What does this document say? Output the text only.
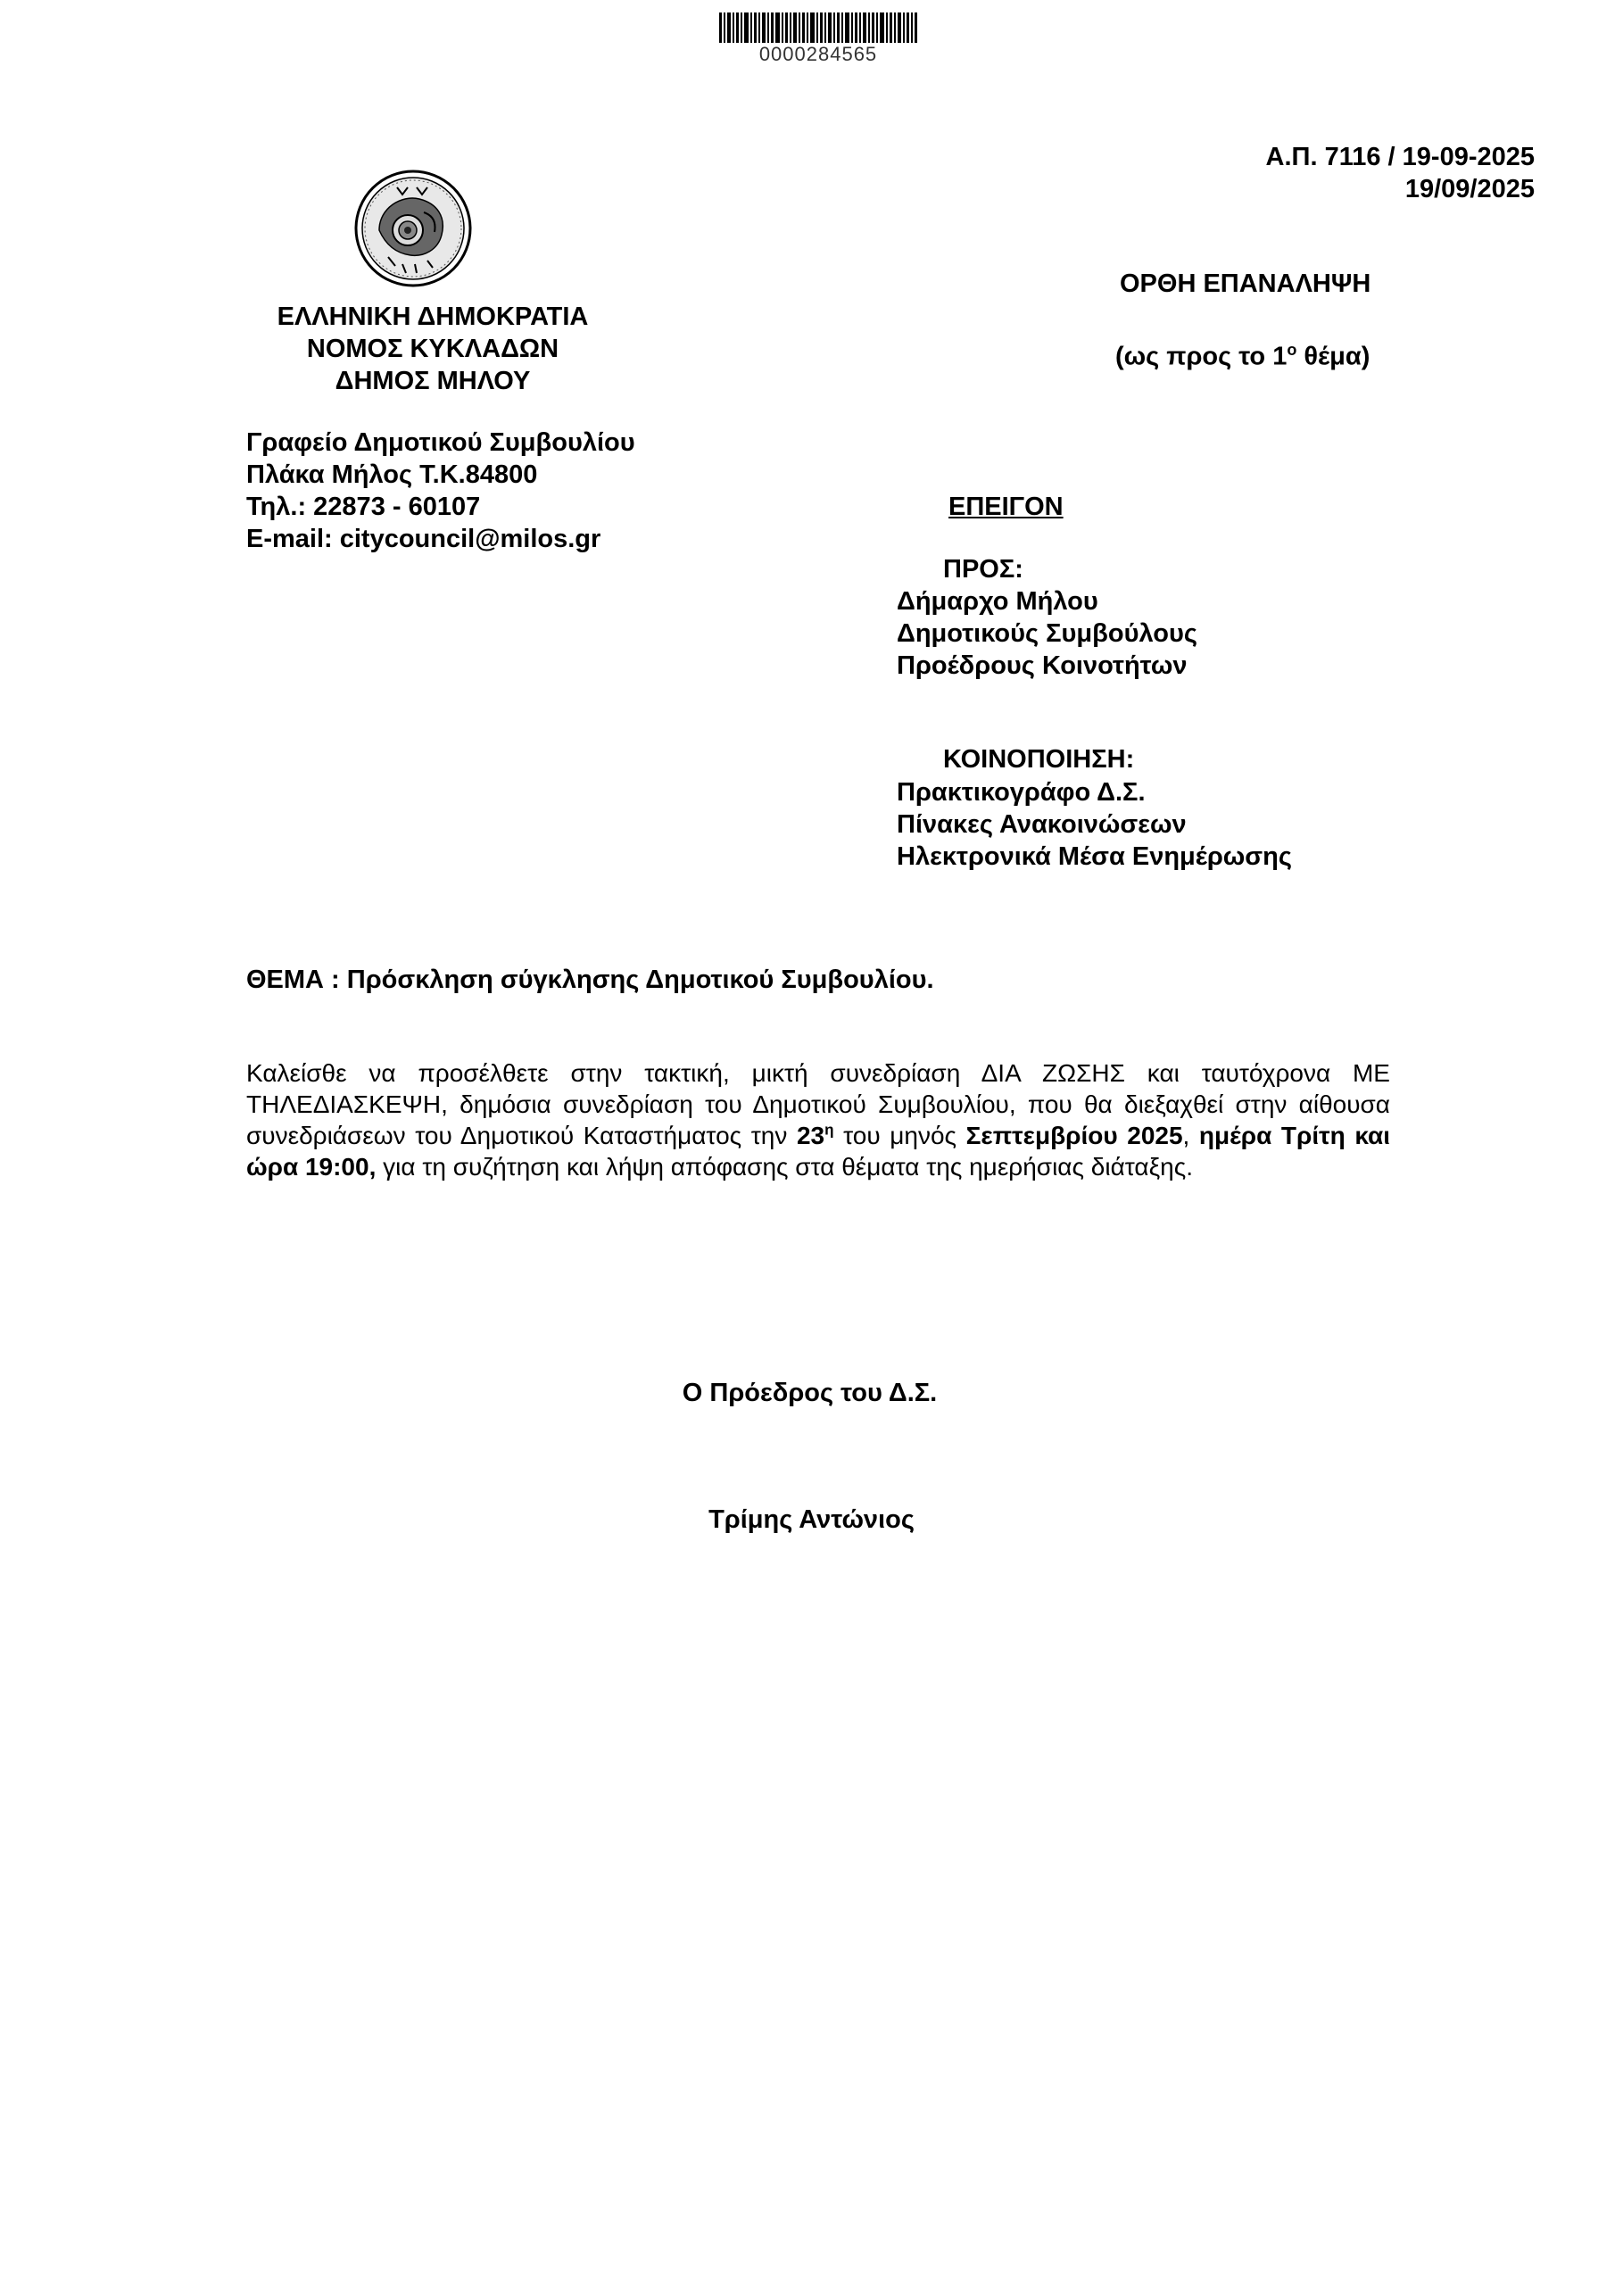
0000284565
Α.Π. 7116 / 19-09-2025
19/09/2025
ΕΛΛΗΝΙΚΗ ΔΗΜΟΚΡΑΤΙΑ
ΝΟΜΟΣ ΚΥΚΛΑΔΩΝ
ΔΗΜΟΣ ΜΗΛΟΥ
ΟΡΘΗ ΕΠΑΝΑΛΗΨΗ
(ως προς το $1^o$ θέμα)
Γραφείο Δημοτικού Συμβουλίου
Πλάκα Μήλος Τ.Κ.84800
Τηλ.: 22873 - 60107
E-mail: citycouncil@milos.gr
ΕΠΕΙΓΟΝ
ΠΡΟΣ:
Δήμαρχο Μήλου
Δημοτικούς Συμβούλους
Προέδρους Κοινοτήτων
ΚΟΙΝΟΠΟΙΗΣΗ:
Πρακτικογράφο Δ.Σ.
Πίνακες Ανακοινώσεων
Ηλεκτρονικά Μέσα Ενημέρωσης
ΘΕΜΑ : Πρόσκληση σύγκλησης Δημοτικού Συμβουλίου.
Καλείσθε να προσέλθετε στην τακτική, μικτή συνεδρίαση ΔΙΑ ΖΩΣΗΣ και ταυτόχρονα ΜΕ ΤΗΛΕΔΙΑΣΚΕΨΗ, δημόσια συνεδρίαση του Δημοτικού Συμβουλίου, που θα διεξαχθεί στην αίθουσα συνεδριάσεων του Δημοτικού Καταστήματος την $23^\eta$ του μηνός Σεπτεμβρίου 2025, ημέρα Τρίτη και ώρα 19:00, για τη συζήτηση και λήψη απόφασης στα θέματα της ημερήσιας διάταξης.
Ο Πρόεδρος του Δ.Σ.
Τρίμης Αντώνιος
